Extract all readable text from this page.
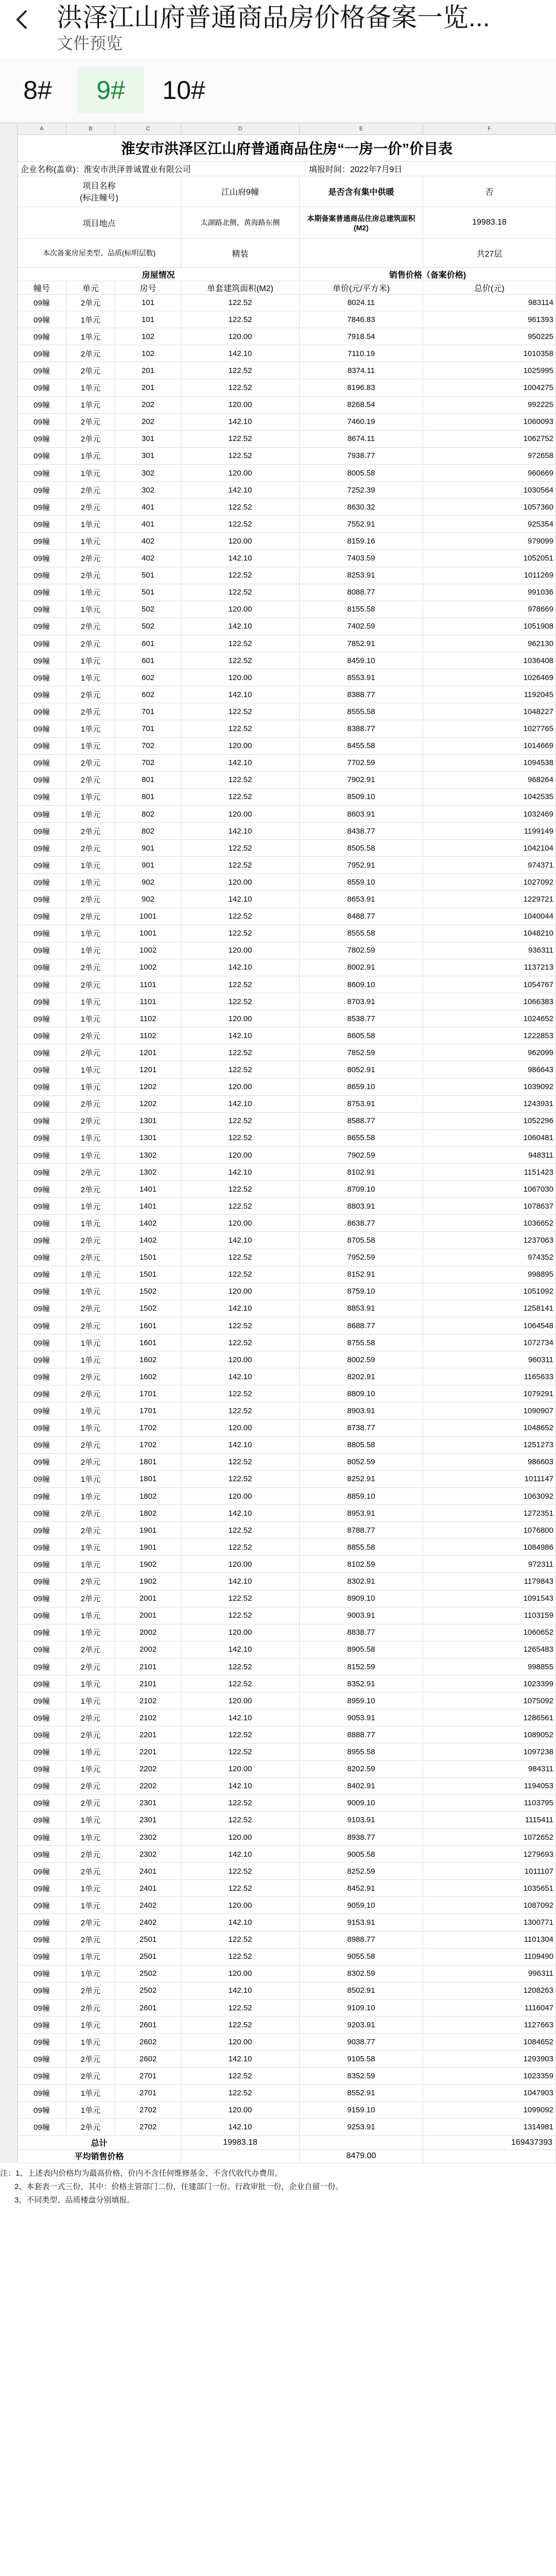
洪泽江山府普通商品房价格备案一览...
文件预览
8#	9#	10#
A	B	C	D	E	F
淮安市洪泽区江山府普通商品住房“一房一价”价目表
企业名称(盖章)：淮安市洪泽普诚置业有限公司	填报时间：2022年7月9日
项目名称
(标注幢号)
江山府9幢	是否含有集中供暖	否
项目地点	太湖路北侧、黄海路东侧	本期备案普通商品住房总建筑面积(M2)
19983.18
本次备案房屋类型、品质(标明层数)	精装	共27层
房屋情况	销售价格（备案价格)
幢号	单元	房号	单套建筑面积(M2)	单价(元/平方米)	总价(元)
09幢	2单元	101	122.52	8024.11	983114
09幢	1单元	101	122.52	7846.83	961393
09幢	1单元	102	120.00	7918.54	950225
09幢	2单元	102	142.10	7110.19	1010358
09幢	2单元	201	122.52	8374.11	1025995
09幢	1单元	201	122.52	8196.83	1004275
09幢	1单元	202	120.00	8268.54	992225
09幢	2单元	202	142.10	7460.19	1060093
09幢	2单元	301	122.52	8674.11	1062752
09幢	1单元	301	122.52	7938.77	972658
09幢	1单元	302	120.00	8005.58	960669
09幢	2单元	302	142.10	7252.39	1030564
09幢	2单元	401	122.52	8630.32	1057360
09幢	1单元	401	122.52	7552.91	925354
09幢	1单元	402	120.00	8159.16	979099
09幢	2单元	402	142.10	7403.59	1052051
09幢	2单元	501	122.52	8253.91	1011269
09幢	1单元	501	122.52	8088.77	991036
09幢	1单元	502	120.00	8155.58	978669
09幢	2单元	502	142.10	7402.59	1051908
09幢	2单元	601	122.52	7852.91	962130
09幢	1单元	601	122.52	8459.10	1036408
09幢	1单元	602	120.00	8553.91	1026469
09幢	2单元	602	142.10	8388.77	1192045
09幢	2单元	701	122.52	8555.58	1048227
09幢	1单元	701	122.52	8388.77	1027765
09幢	1单元	702	120.00	8455.58	1014669
09幢	2单元	702	142.10	7702.59	1094538
09幢	2单元	801	122.52	7902.91	968264
09幢	1单元	801	122.52	8509.10	1042535
09幢	1单元	802	120.00	8603.91	1032469
09幢	2单元	802	142.10	8438.77	1199149
09幢	2单元	901	122.52	8505.58	1042104
09幢	1单元	901	122.52	7952.91	974371
09幢	1单元	902	120.00	8559.10	1027092
09幢	2单元	902	142.10	8653.91	1229721
09幢	2单元	1001	122.52	8488.77	1040044
09幢	1单元	1001	122.52	8555.58	1048210
09幢	1单元	1002	120.00	7802.59	936311
09幢	2单元	1002	142.10	8002.91	1137213
09幢	2单元	1101	122.52	8609.10	1054767
09幢	1单元	1101	122.52	8703.91	1066383
09幢	1单元	1102	120.00	8538.77	1024652
09幢	2单元	1102	142.10	8605.58	1222853
09幢	2单元	1201	122.52	7852.59	962099
09幢	1单元	1201	122.52	8052.91	986643
09幢	1单元	1202	120.00	8659.10	1039092
09幢	2单元	1202	142.10	8753.91	1243931
09幢	2单元	1301	122.52	8588.77	1052296
09幢	1单元	1301	122.52	8655.58	1060481
09幢	1单元	1302	120.00	7902.59	948311
09幢	2单元	1302	142.10	8102.91	1151423
09幢	2单元	1401	122.52	8709.10	1067030
09幢	1单元	1401	122.52	8803.91	1078637
09幢	1单元	1402	120.00	8638.77	1036652
09幢	2单元	1402	142.10	8705.58	1237063
09幢	2单元	1501	122.52	7952.59	974352
09幢	1单元	1501	122.52	8152.91	998895
09幢	1单元	1502	120.00	8759.10	1051092
09幢	2单元	1502	142.10	8853.91	1258141
09幢	2单元	1601	122.52	8688.77	1064548
09幢	1单元	1601	122.52	8755.58	1072734
09幢	1单元	1602	120.00	8002.59	960311
09幢	2单元	1602	142.10	8202.91	1165633
09幢	2单元	1701	122.52	8809.10	1079291
09幢	1单元	1701	122.52	8903.91	1090907
09幢	1单元	1702	120.00	8738.77	1048652
09幢	2单元	1702	142.10	8805.58	1251273
09幢	2单元	1801	122.52	8052.59	986603
09幢	1单元	1801	122.52	8252.91	1011147
09幢	1单元	1802	120.00	8859.10	1063092
09幢	2单元	1802	142.10	8953.91	1272351
09幢	2单元	1901	122.52	8788.77	1076800
09幢	1单元	1901	122.52	8855.58	1084986
09幢	1单元	1902	120.00	8102.59	972311
09幢	2单元	1902	142.10	8302.91	1179843
09幢	2单元	2001	122.52	8909.10	1091543
09幢	1单元	2001	122.52	9003.91	1103159
09幢	1单元	2002	120.00	8838.77	1060652
09幢	2单元	2002	142.10	8905.58	1265483
09幢	2单元	2101	122.52	8152.59	998855
09幢	1单元	2101	122.52	8352.91	1023399
09幢	1单元	2102	120.00	8959.10	1075092
09幢	2单元	2102	142.10	9053.91	1286561
09幢	2单元	2201	122.52	8888.77	1089052
09幢	1单元	2201	122.52	8955.58	1097238
09幢	1单元	2202	120.00	8202.59	984311
09幢	2单元	2202	142.10	8402.91	1194053
09幢	2单元	2301	122.52	9009.10	1103795
09幢	1单元	2301	122.52	9103.91	1115411
09幢	1单元	2302	120.00	8938.77	1072652
09幢	2单元	2302	142.10	9005.58	1279693
09幢	2单元	2401	122.52	8252.59	1011107
09幢	1单元	2401	122.52	8452.91	1035651
09幢	1单元	2402	120.00	9059.10	1087092
09幢	2单元	2402	142.10	9153.91	1300771
09幢	2单元	2501	122.52	8988.77	1101304
09幢	1单元	2501	122.52	9055.58	1109490
09幢	1单元	2502	120.00	8302.59	996311
09幢	2单元	2502	142.10	8502.91	1208263
09幢	2单元	2601	122.52	9109.10	1116047
09幢	1单元	2601	122.52	9203.91	1127663
09幢	1单元	2602	120.00	9038.77	1084652
09幢	2单元	2602	142.10	9105.58	1293903
09幢	2单元	2701	122.52	8352.59	1023359
09幢	1单元	2701	122.52	8552.91	1047903
09幢	1单元	2702	120.00	9159.10	1099092
09幢	2单元	2702	142.10	9253.91	1314981
总计	19983.18	169437393
平均销售价格	8479.00
注：1、上述表内价格均为最高价格，价内不含任何维修基金、不含代收代办费用。
2、本套表一式三份，其中：价格主管部门二份，住建部门一份。行政审批一份，企业自留一份。
3、不同类型、品质楼盘分别填报。
